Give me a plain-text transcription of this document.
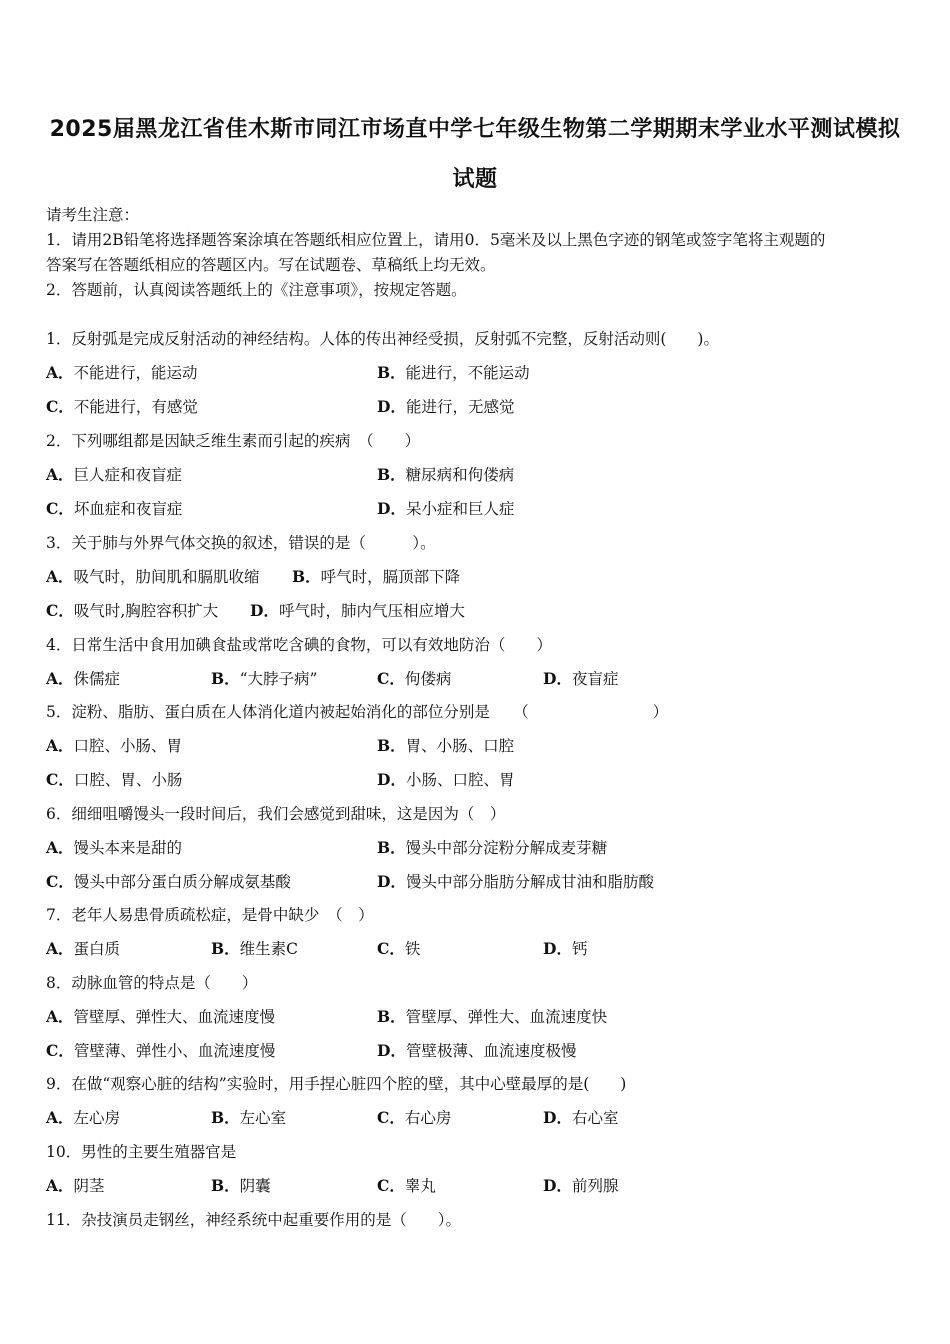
2025届黑龙江省佳木斯市同江市场直中学七年级生物第二学期期末学业水平测试模拟
试题
请考生注意：
1．请用2B铅笔将选择题答案涂填在答题纸相应位置上，请用0．5毫米及以上黑色字迹的钢笔或签字笔将主观题的
答案写在答题纸相应的答题区内。写在试题卷、草稿纸上均无效。
2．答题前，认真阅读答题纸上的《注意事项》，按规定答题。
1．反射弧是完成反射活动的神经结构。人体的传出神经受损，反射弧不完整，反射活动则(　　)。
A．不能进行，能运动	B．能进行，不能运动
C．不能进行，有感觉	D．能进行，无感觉
2．下列哪组都是因缺乏维生素而引起的疾病　（　　）
A．巨人症和夜盲症	B．糖尿病和佝偻病
C．坏血症和夜盲症	D．呆小症和巨人症
3．关于肺与外界气体交换的叙述，错误的是（　　　）。
A．吸气时，肋间肌和膈肌收缩 B．呼气时，膈顶部下降
C．吸气时,胸腔容积扩大 D．呼气时，肺内气压相应增大
4．日常生活中食用加碘食盐或常吃含碘的食物，可以有效地防治（　　）
A．侏儒症	B．“大脖子病”	C．佝偻病	D．夜盲症
5．淀粉、脂肪、蛋白质在人体消化道内被起始消化的部位分别是　　（　　　　　　　　）
A．口腔、小肠、胃	B．胃、小肠、口腔
C．口腔、胃、小肠	D．小肠、口腔、胃
6．细细咀嚼馒头一段时间后，我们会感觉到甜味，这是因为（　）
A．馒头本来是甜的	B．馒头中部分淀粉分解成麦芽糖
C．馒头中部分蛋白质分解成氨基酸	D．馒头中部分脂肪分解成甘油和脂肪酸
7．老年人易患骨质疏松症，是骨中缺少　（　）
A．蛋白质	B．维生素C	C．铁	D．钙
8．动脉血管的特点是（　　）
A．管壁厚、弹性大、血流速度慢	B．管壁厚、弹性大、血流速度快
C．管壁薄、弹性小、血流速度慢	D．管壁极薄、血流速度极慢
9．在做“观察心脏的结构”实验时，用手捏心脏四个腔的壁，其中心壁最厚的是(　　)
A．左心房	B．左心室	C．右心房	D．右心室
10．男性的主要生殖器官是
A．阴茎	B．阴囊	C．睾丸	D．前列腺
11．杂技演员走钢丝，神经系统中起重要作用的是（　　）。
